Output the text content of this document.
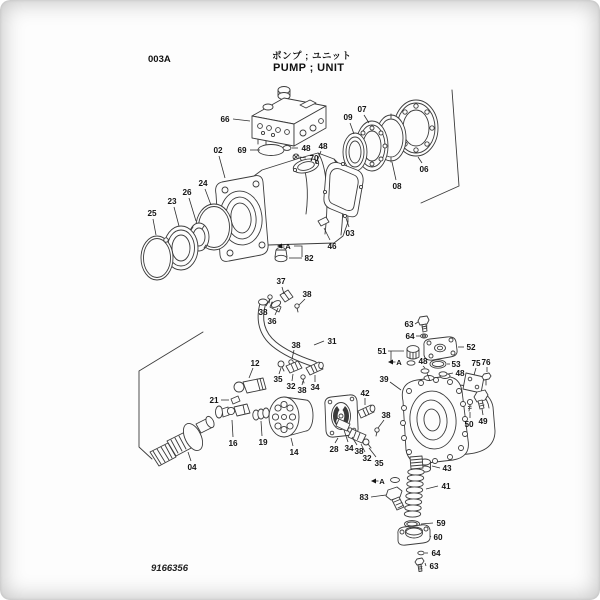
003A	ポンプ ; ユニット
PUMP ; UNIT
9166356
66
69	48
70
48
02
09
07
08
06
03
46
82
25
23
26
24
37
38
36
38
31
38
12
35
32 38 34
42
21
16	19
04
14	28 34 38
32
35
38
39
51
63
64
52
53
48
48
75 76
49
50
43
41
59
60
64
63
83
A
A
A
